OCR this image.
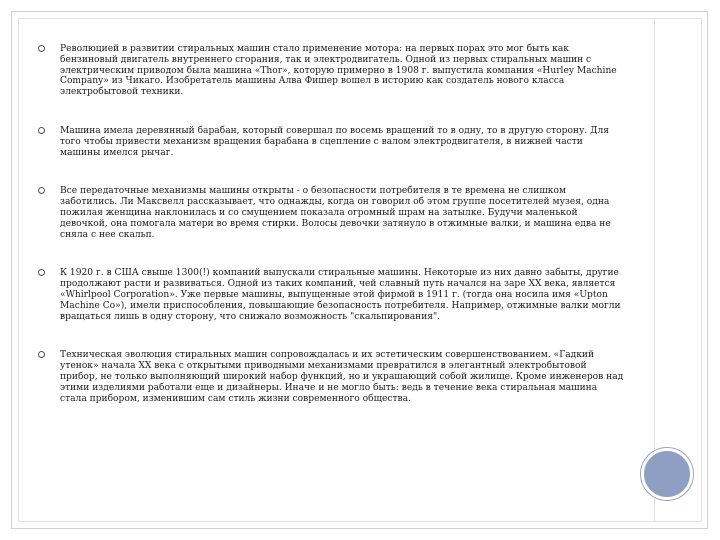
Революцией в развитии стиральных машин стало применение мотора: на первых порах это мог быть как бензиновый двигатель внутреннего сгорания, так и электродвигатель. Одной из первых стиральных машин с электрическим приводом была машина «Thor», которую примерно в 1908 г. выпустила компания «Hurley Machine Company» из Чикаго. Изобретатель машины Алва Фишер вошел в историю как создатель нового класса электробытовой техники.
Машина имела деревянный барабан, который совершал по восемь вращений то в одну, то в другую сторону. Для того чтобы привести механизм вращения барабана в сцепление с валом электродвигателя, в нижней части машины имелся рычаг.
Все передаточные механизмы машины открыты - о безопасности потребителя в те времена не слишком заботились. Ли Максвелл рассказывает, что однажды, когда он говорил об этом группе посетителей музея, одна пожилая женщина наклонилась и со смущением показала огромный шрам на затылке. Будучи маленькой девочкой, она помогала матери во время стирки. Волосы девочки затянуло в отжимные валки, и машина едва не сняла с нее скальп.
К 1920 г. в США свыше 1300(!) компаний выпускали стиральные машины. Некоторые из них давно забыты, другие продолжают расти и развиваться. Одной из таких компаний, чей славный путь начался на заре XX века, является «Whirlpool Corporation». Уже первые машины, выпущенные этой фирмой в 1911 г. (тогда она носила имя «Upton Machine Co»), имели приспособления, повышающие безопасность потребителя. Например, отжимные валки могли вращаться лишь в одну сторону, что снижало возможность "скальпирования".
Техническая эволюция стиральных машин сопровождалась и их эстетическим совершенствованием. «Гадкий утенок» начала XX века с открытыми приводными механизмами превратился в элегантный электробытовой прибор, не только выполняющий широкий набор функций, но и украшающий собой жилище. Кроме инженеров над этими изделиями работали еще и дизайнеры. Иначе и не могло быть: ведь в течение века стиральная машина стала прибором, изменившим сам стиль жизни современного общества.
